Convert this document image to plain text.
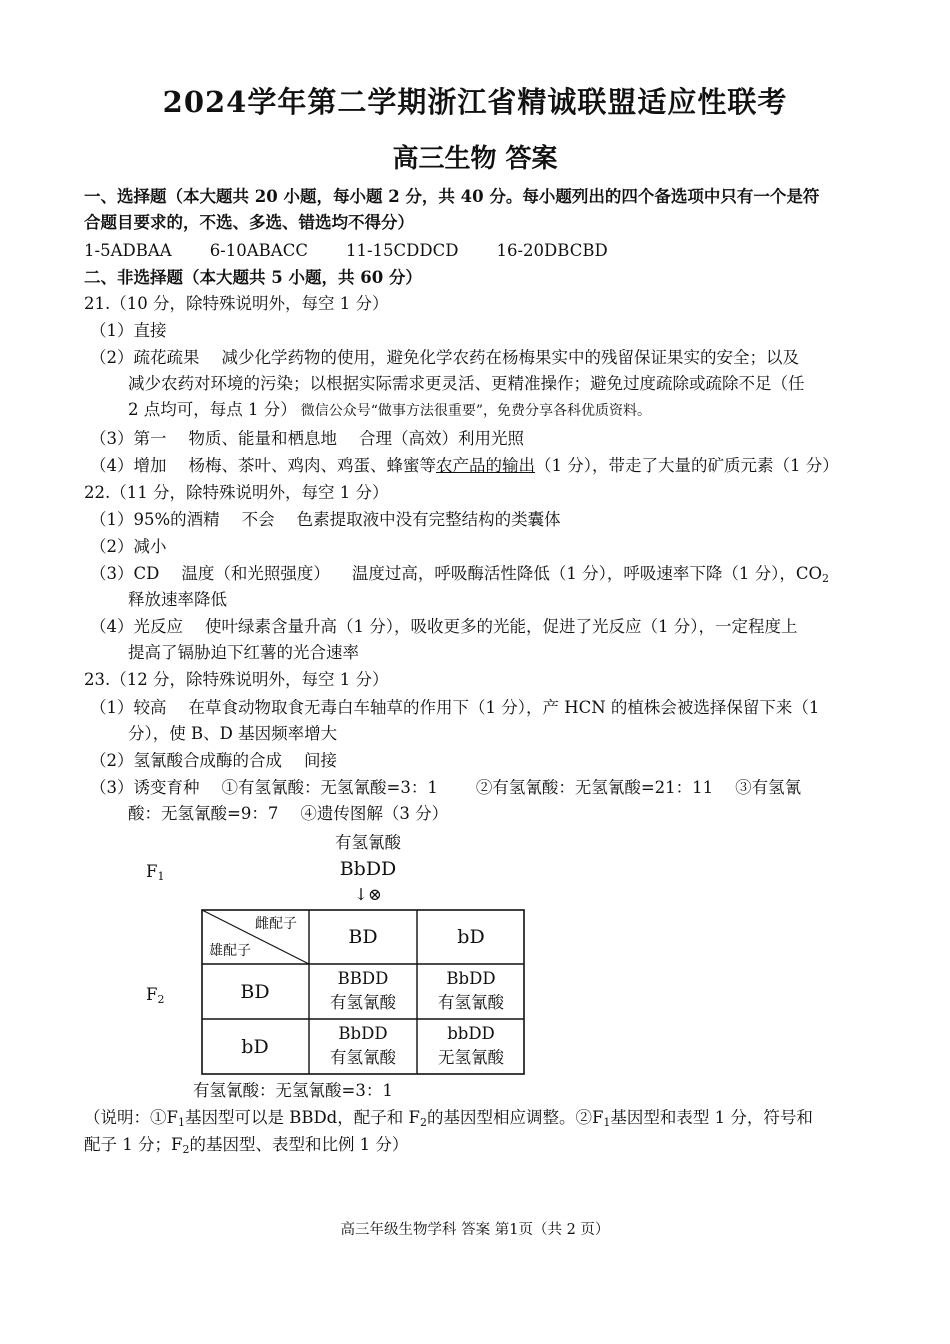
2024学年第二学期浙江省精诚联盟适应性联考
高三生物 答案
一、选择题（本大题共 20 小题，每小题 2 分，共 40 分。每小题列出的四个备选项中只有一个是符
合题目要求的，不选、多选、错选均不得分）
1-5ADBAA 6-10ABACC 11-15CDDCD 16-20DBCBD
二、非选择题（本大题共 5 小题，共 60 分）
21.（10 分，除特殊说明外，每空 1 分）
（1）直接
（2）疏花疏果 减少化学药物的使用，避免化学农药在杨梅果实中的残留保证果实的安全；以及
减少农药对环境的污染；以根据实际需求更灵活、更精准操作；避免过度疏除或疏除不足（任
2 点均可，每点 1 分） 微信公众号“做事方法很重要”，免费分享各科优质资料。
（3）第一 物质、能量和栖息地 合理（高效）利用光照
（4）增加 杨梅、茶叶、鸡肉、鸡蛋、蜂蜜等农产品的输出（1 分），带走了大量的矿质元素（1 分）
22.（11 分，除特殊说明外，每空 1 分）
（1）95%的酒精 不会 色素提取液中没有完整结构的类囊体
（2）减小
（3）CD 温度（和光照强度） 温度过高，呼吸酶活性降低（1 分），呼吸速率下降（1 分），$CO_2$
释放速率降低
（4）光反应 使叶绿素含量升高（1 分），吸收更多的光能，促进了光反应（1 分），一定程度上
提高了镉胁迫下红薯的光合速率
23.（12 分，除特殊说明外，每空 1 分）
（1）较高 在草食动物取食无毒白车轴草的作用下（1 分），产 HCN 的植株会被选择保留下来（1
分），使 B、D 基因频率增大
（2）氢氰酸合成酶的合成 间接
（3）诱变育种 ①有氢氰酸：无氢氰酸=3：1 ②有氢氰酸：无氢氰酸=21：11 ③有氢氰
酸：无氢氰酸=9：7 ④遗传图解（3 分）
有氢氰酸
$F_1$	BbDD
↓⊗
$F_2$
雌配子
雄配子
BD	bD
BD
bD
BBDD
有氢氰酸
BbDD
有氢氰酸
BbDD
有氢氰酸
bbDD
无氢氰酸
有氢氰酸：无氢氰酸=3：1
（说明：$①F_1$基因型可以是 BBDd，配子和 $F_2$的基因型相应调整。$②F_1$基因型和表型 1 分，符号和
配子 1 分；$F_2$的基因型、表型和比例 1 分）
高三年级生物学科 答案 第1页（共 2 页）
